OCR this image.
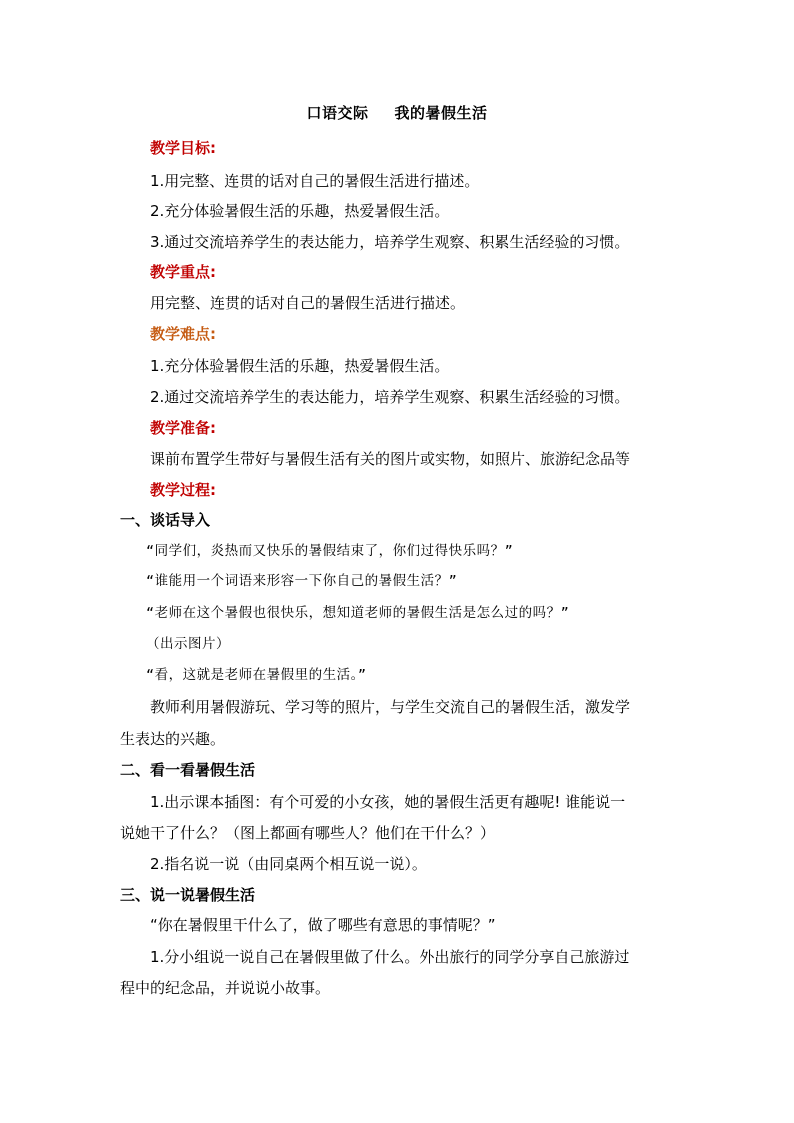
口语交际 我的暑假生活
教学目标:
1.用完整、连贯的话对自己的暑假生活进行描述。
2.充分体验暑假生活的乐趣，热爱暑假生活。
3.通过交流培养学生的表达能力，培养学生观察、积累生活经验的习惯。
教学重点:
用完整、连贯的话对自己的暑假生活进行描述。
教学难点:
1.充分体验暑假生活的乐趣，热爱暑假生活。
2.通过交流培养学生的表达能力，培养学生观察、积累生活经验的习惯。
教学准备:
课前布置学生带好与暑假生活有关的图片或实物，如照片、旅游纪念品等
教学过程:
一、谈话导入
“同学们，炎热而又快乐的暑假结束了，你们过得快乐吗？”
“谁能用一个词语来形容一下你自己的暑假生活？”
“老师在这个暑假也很快乐，想知道老师的暑假生活是怎么过的吗？”
（出示图片）
“看，这就是老师在暑假里的生活。”
教师利用暑假游玩、学习等的照片，与学生交流自己的暑假生活，激发学
生表达的兴趣。
二、看一看暑假生活
1.出示课本插图：有个可爱的小女孩，她的暑假生活更有趣呢! 谁能说一
说她干了什么？（图上都画有哪些人？他们在干什么？）
2.指名说一说（由同桌两个相互说一说）。
三、说一说暑假生活
“你在暑假里干什么了，做了哪些有意思的事情呢？”
1.分小组说一说自己在暑假里做了什么。外出旅行的同学分享自己旅游过
程中的纪念品，并说说小故事。
